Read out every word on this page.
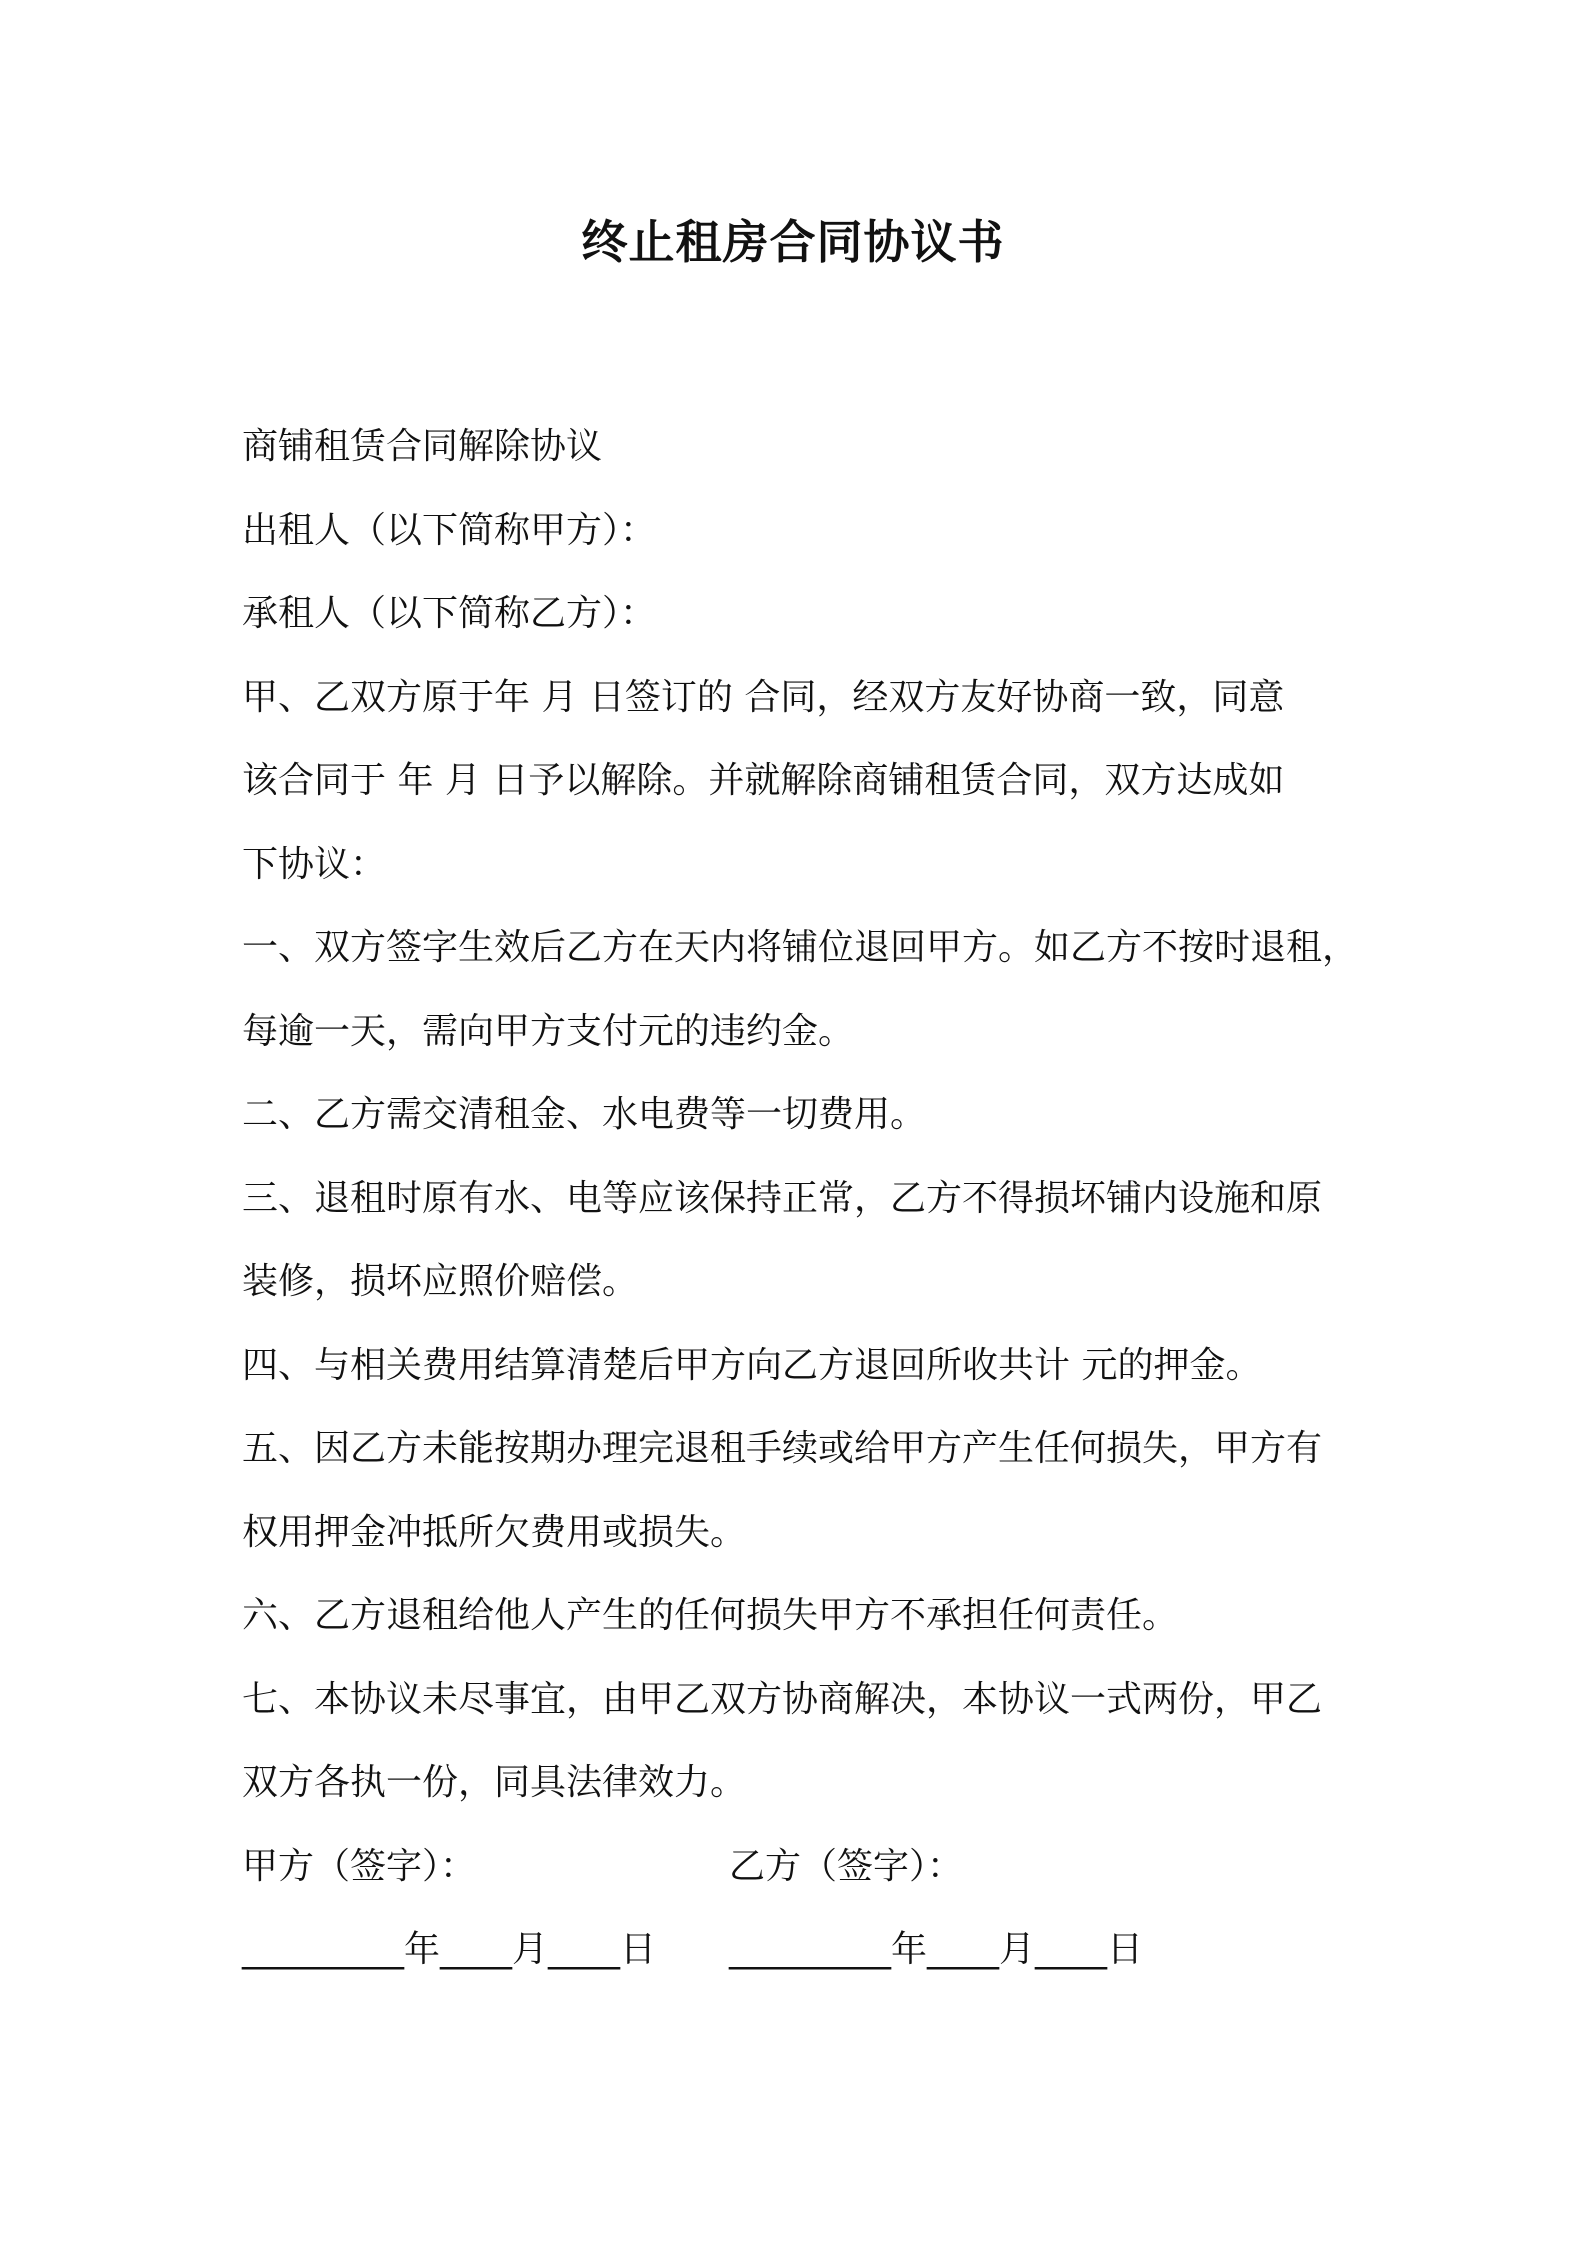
终止租房合同协议书
商铺租赁合同解除协议
出租人（以下简称甲方）：
承租人（以下简称乙方）：
甲、乙双方原于年 月 日签订的 合同，经双方友好协商一致，同意
该合同于 年 月 日予以解除。并就解除商铺租赁合同，双方达成如
下协议：
一、双方签字生效后乙方在天内将铺位退回甲方。如乙方不按时退租，
每逾一天，需向甲方支付元的违约金。
二、乙方需交清租金、水电费等一切费用。
三、退租时原有水、电等应该保持正常，乙方不得损坏铺内设施和原
装修，损坏应照价赔偿。
四、与相关费用结算清楚后甲方向乙方退回所收共计 元的押金。
五、因乙方未能按期办理完退租手续或给甲方产生任何损失，甲方有
权用押金冲抵所欠费用或损失。
六、乙方退租给他人产生的任何损失甲方不承担任何责任。
七、本协议未尽事宜，由甲乙双方协商解决，本协议一式两份，甲乙
双方各执一份，同具法律效力。
甲方（签字）：	乙方（签字）：
_________年____月____日	_________年____月____日
